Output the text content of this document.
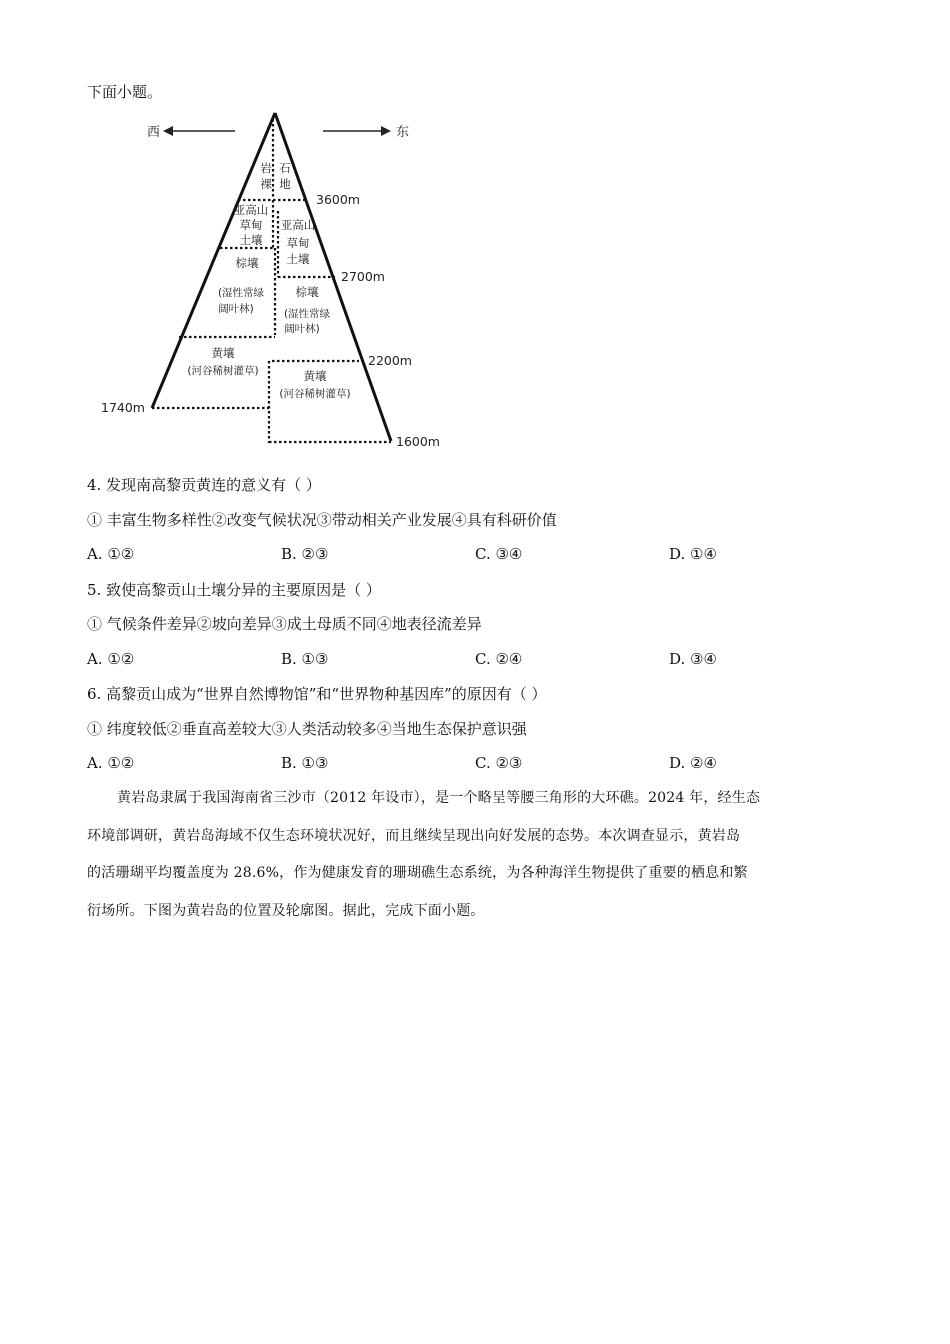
下面小题。
西	东
岩
裸
石
地
亚高山
草甸
土壤
亚高山
草甸
土壤
棕壤
(湿性常绿
阔叶林)
棕壤
(湿性常绿
阔叶林)
黄壤
(河谷稀树灌草)	黄壤
(河谷稀树灌草)
3600m
2700m
2200m
1740m
1600m
4. 发现南高黎贡黄连的意义有（ ）
① 丰富生物多样性②改变气候状况③带动相关产业发展④具有科研价值
A. ①②	B. ②③	C. ③④	D. ①④
5. 致使高黎贡山土壤分异的主要原因是（ ）
① 气候条件差异②坡向差异③成土母质不同④地表径流差异
A. ①②	B. ①③	C. ②④	D. ③④
6. 高黎贡山成为“世界自然博物馆”和“世界物种基因库”的原因有（ ）
① 纬度较低②垂直高差较大③人类活动较多④当地生态保护意识强
A. ①②	B. ①③	C. ②③	D. ②④
黄岩岛隶属于我国海南省三沙市（2012 年设市），是一个略呈等腰三角形的大环礁。2024 年，经生态
环境部调研，黄岩岛海域不仅生态环境状况好，而且继续呈现出向好发展的态势。本次调查显示，黄岩岛
的活珊瑚平均覆盖度为 28.6%，作为健康发育的珊瑚礁生态系统，为各种海洋生物提供了重要的栖息和繁
衍场所。下图为黄岩岛的位置及轮廓图。据此，完成下面小题。
